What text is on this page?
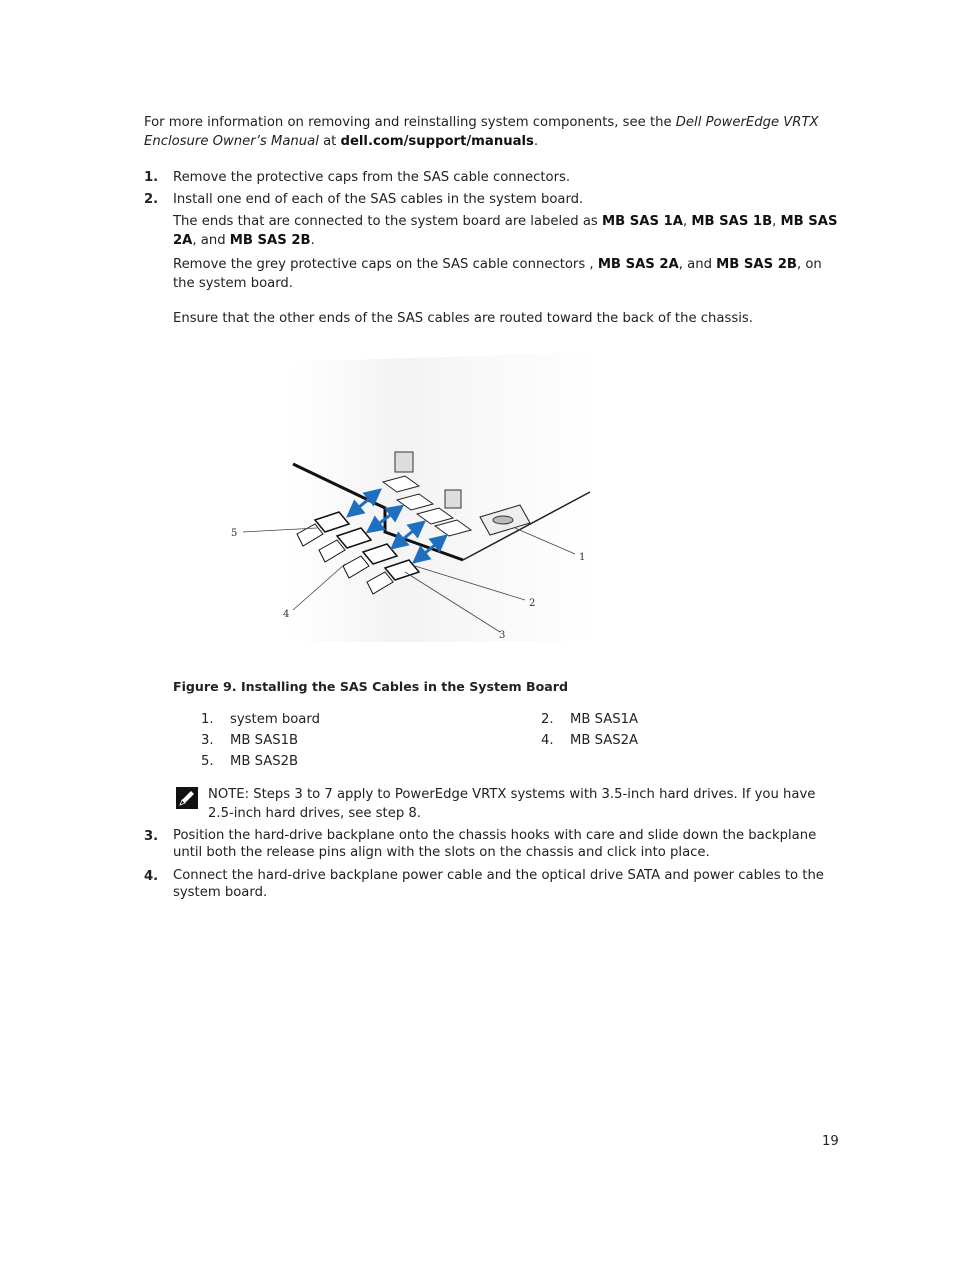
For more information on removing and reinstalling system components, see the Dell PowerEdge VRTX Enclosure Owner’s Manual at dell.com/support/manuals.
1. Remove the protective caps from the SAS cable connectors.
2. Install one end of each of the SAS cables in the system board.
The ends that are connected to the system board are labeled as MB SAS 1A, MB SAS 1B, MB SAS 2A, and MB SAS 2B.
Remove the grey protective caps on the SAS cable connectors , MB SAS 2A, and MB SAS 2B, on the system board.
Ensure that the other ends of the SAS cables are routed toward the back of the chassis.
5
1
2
3
4
Figure 9. Installing the SAS Cables in the System Board
1. system board	2. MB SAS1A
3. MB SAS1B	4. MB SAS2A
5. MB SAS2B
NOTE: Steps 3 to 7 apply to PowerEdge VRTX systems with 3.5-inch hard drives. If you have 2.5-inch hard drives, see step 8.
3. Position the hard-drive backplane onto the chassis hooks with care and slide down the backplane until both the release pins align with the slots on the chassis and click into place.
4. Connect the hard-drive backplane power cable and the optical drive SATA and power cables to the system board.
19
